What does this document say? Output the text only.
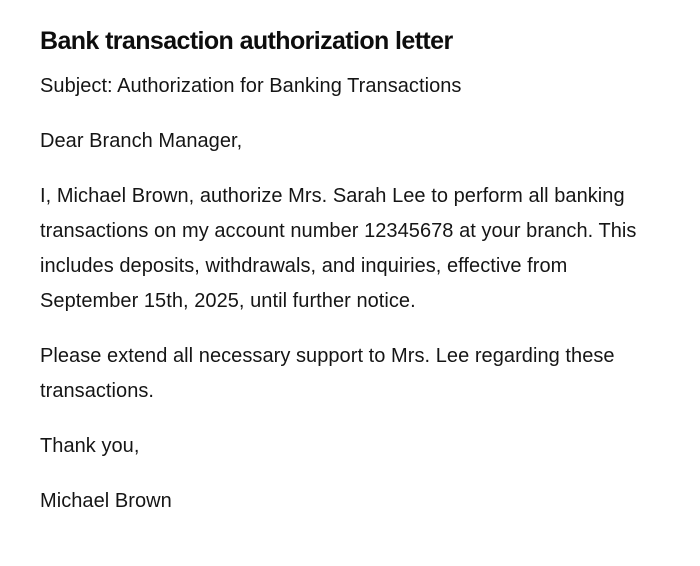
Bank transaction authorization letter

Subject: Authorization for Banking Transactions

Dear Branch Manager,

I, Michael Brown, authorize Mrs. Sarah Lee to perform all banking transactions on my account number 12345678 at your branch. This includes deposits, withdrawals, and inquiries, effective from September 15th, 2025, until further notice.

Please extend all necessary support to Mrs. Lee regarding these transactions.

Thank you,

Michael Brown
